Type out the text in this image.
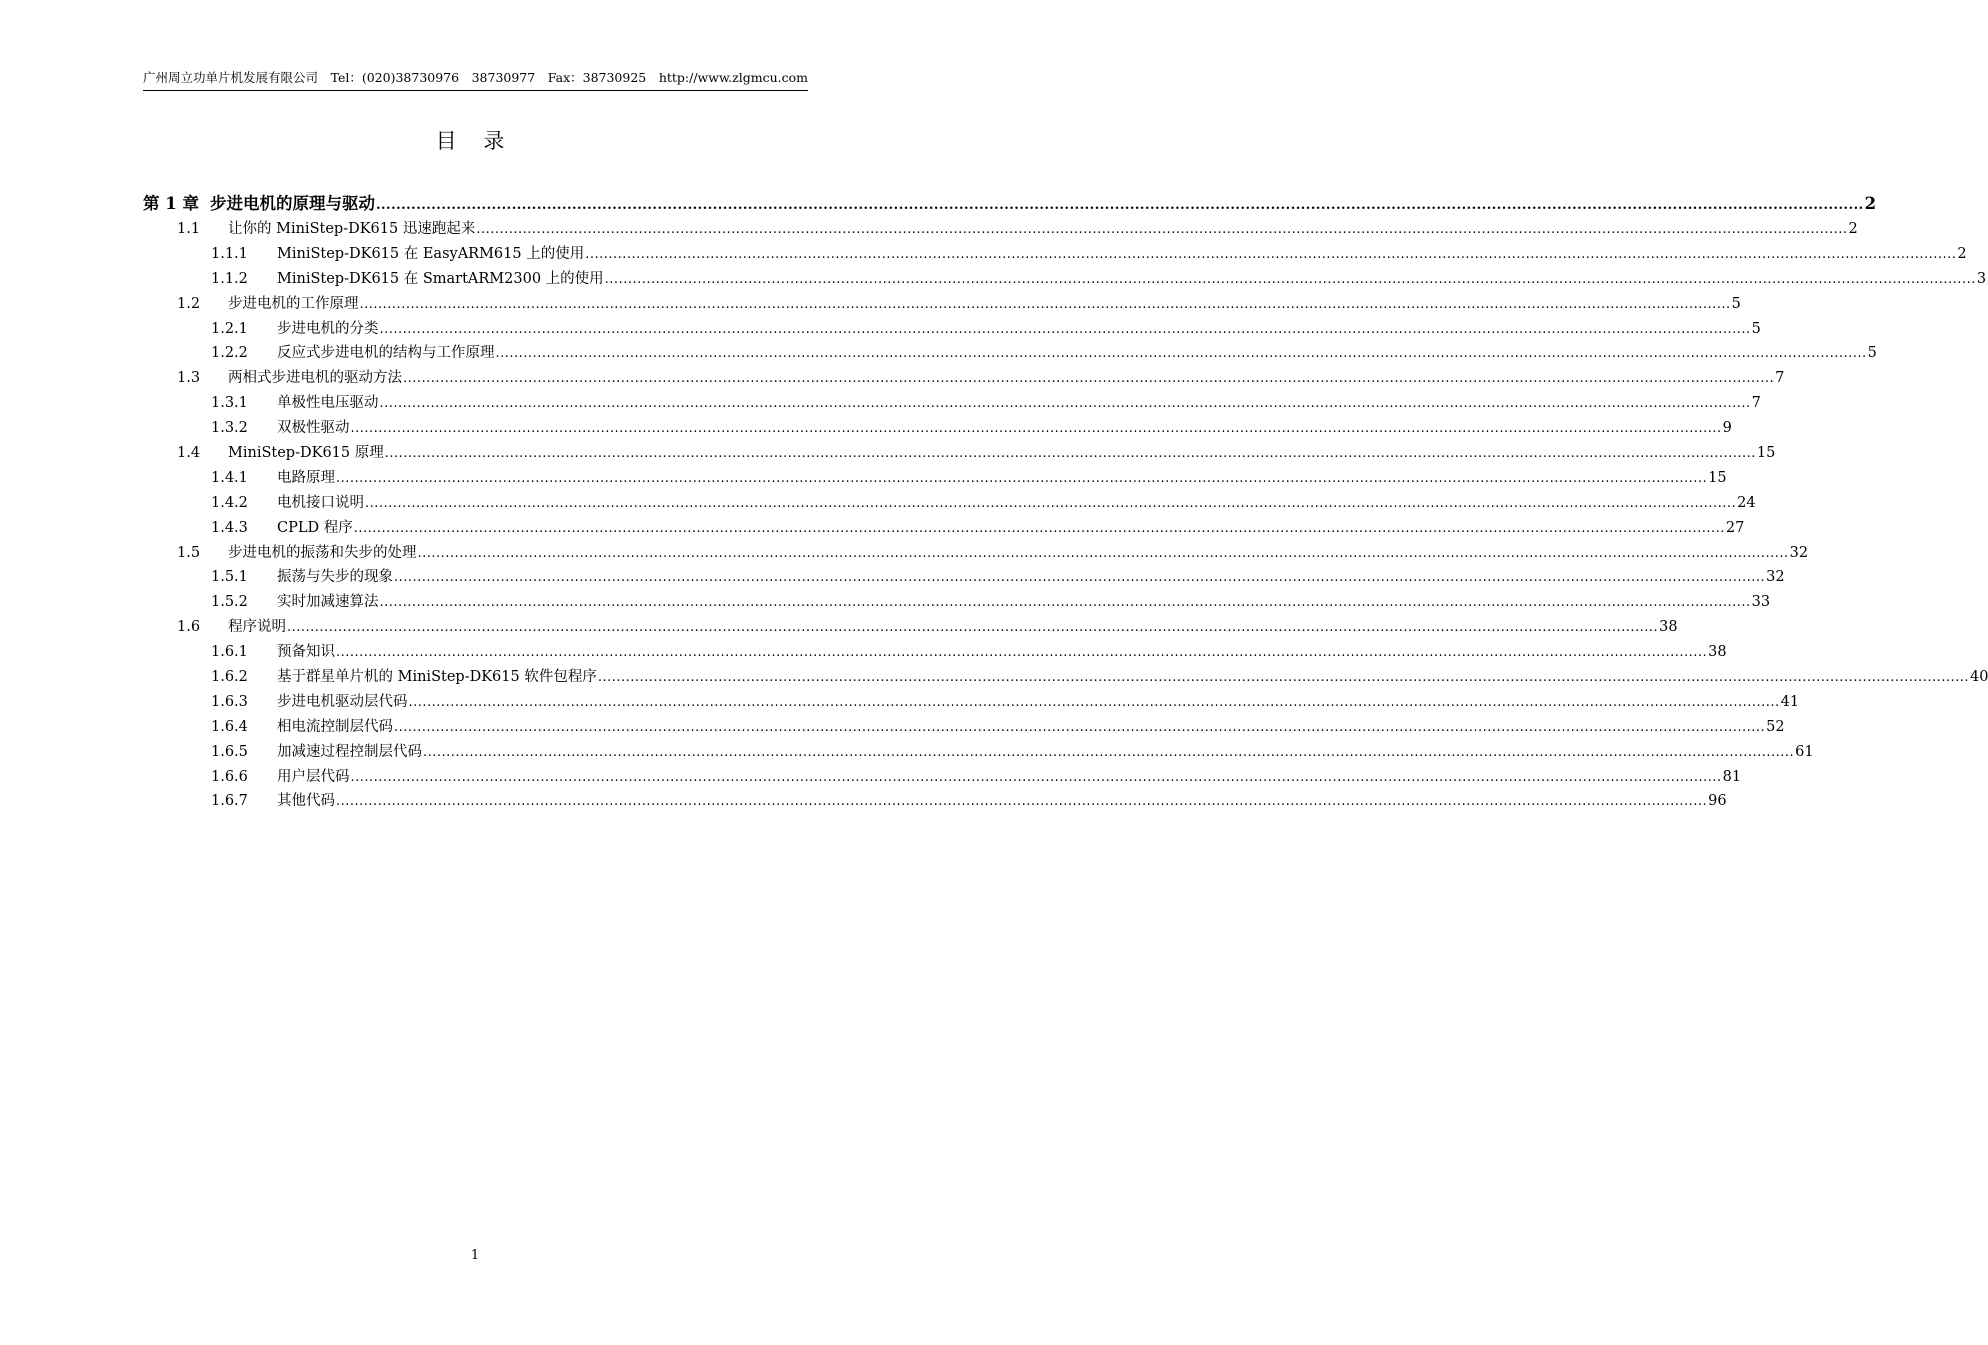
广州周立功单片机发展有限公司 Tel：(020)38730976　38730977 Fax：38730925 http://www.zlgmcu.com
目 录
第 1 章 步进电机的原理与驱动 .....	2
1.1	让你的 MiniStep-DK615 迅速跑起来 .....	2
1.1.1	MiniStep-DK615 在 EasyARM615 上的使用 .....	2
1.1.2	MiniStep-DK615 在 SmartARM2300 上的使用 .....	3
1.2	步进电机的工作原理 .....	5
1.2.1	步进电机的分类 .....	5
1.2.2	反应式步进电机的结构与工作原理 .....	5
1.3	两相式步进电机的驱动方法 .....	7
1.3.1	单极性电压驱动 .....	7
1.3.2	双极性驱动 .....	9
1.4	MiniStep-DK615 原理 .....	15
1.4.1	电路原理 .....	15
1.4.2	电机接口说明 .....	24
1.4.3	CPLD 程序 .....	27
1.5	步进电机的振荡和失步的处理 .....	32
1.5.1	振荡与失步的现象 .....	32
1.5.2	实时加减速算法 .....	33
1.6	程序说明 .....	38
1.6.1	预备知识 .....	38
1.6.2	基于群星单片机的 MiniStep-DK615 软件包程序 .....	40
1.6.3	步进电机驱动层代码 .....	41
1.6.4	相电流控制层代码 .....	52
1.6.5	加减速过程控制层代码 .....	61
1.6.6	用户层代码 .....	81
1.6.7	其他代码 .....	96
1
